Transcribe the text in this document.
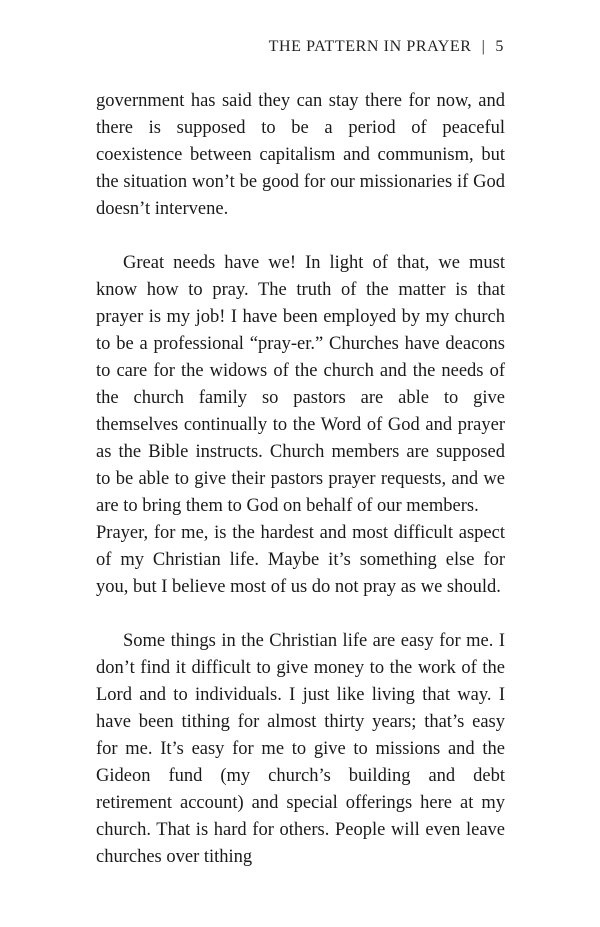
THE PATTERN IN PRAYER | 5

government has said they can stay there for now, and there is supposed to be a period of peaceful coexistence between capitalism and communism, but the situation won’t be good for our missionaries if God doesn’t intervene.

Great needs have we! In light of that, we must know how to pray. The truth of the matter is that prayer is my job! I have been employed by my church to be a professional “pray-er.” Churches have deacons to care for the widows of the church and the needs of the church family so pastors are able to give themselves continually to the Word of God and prayer as the Bible instructs. Church members are supposed to be able to give their pastors prayer requests, and we are to bring them to God on behalf of our members.

Prayer, for me, is the hardest and most difficult aspect of my Christian life. Maybe it’s something else for you, but I believe most of us do not pray as we should.

Some things in the Christian life are easy for me. I don’t find it difficult to give money to the work of the Lord and to individuals. I just like living that way. I have been tithing for almost thirty years; that’s easy for me. It’s easy for me to give to missions and the Gideon fund (my church’s building and debt retirement account) and special offerings here at my church. That is hard for others. People will even leave churches over tithing
